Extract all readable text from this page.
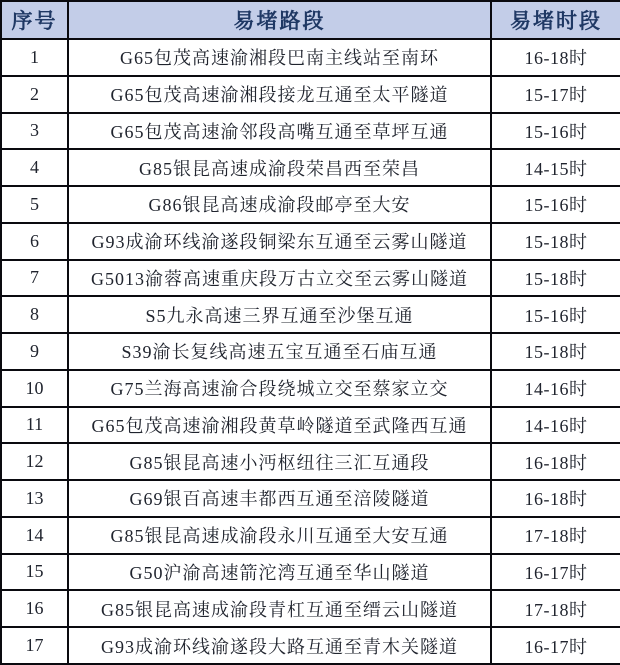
序号	易堵路段	易堵时段
1	G65包茂高速渝湘段巴南主线站至南环	16-18时
2	G65包茂高速渝湘段接龙互通至太平隧道	15-17时
3	G65包茂高速渝邻段高嘴互通至草坪互通	15-16时
4	G85银昆高速成渝段荣昌西至荣昌	14-15时
5	G86银昆高速成渝段邮亭至大安	15-16时
6	G93成渝环线渝遂段铜梁东互通至云雾山隧道	15-18时
7	G5013渝蓉高速重庆段万古立交至云雾山隧道	15-18时
8	S5九永高速三界互通至沙堡互通	15-16时
9	S39渝长复线高速五宝互通至石庙互通	15-18时
10	G75兰海高速渝合段绕城立交至蔡家立交	14-16时
11	G65包茂高速渝湘段黄草岭隧道至武隆西互通	14-16时
12	G85银昆高速小沔枢纽往三汇互通段	16-18时
13	G69银百高速丰都西互通至涪陵隧道	16-18时
14	G85银昆高速成渝段永川互通至大安互通	17-18时
15	G50沪渝高速箭沱湾互通至华山隧道	16-17时
16	G85银昆高速成渝段青杠互通至缙云山隧道	17-18时
17	G93成渝环线渝遂段大路互通至青木关隧道	16-17时
